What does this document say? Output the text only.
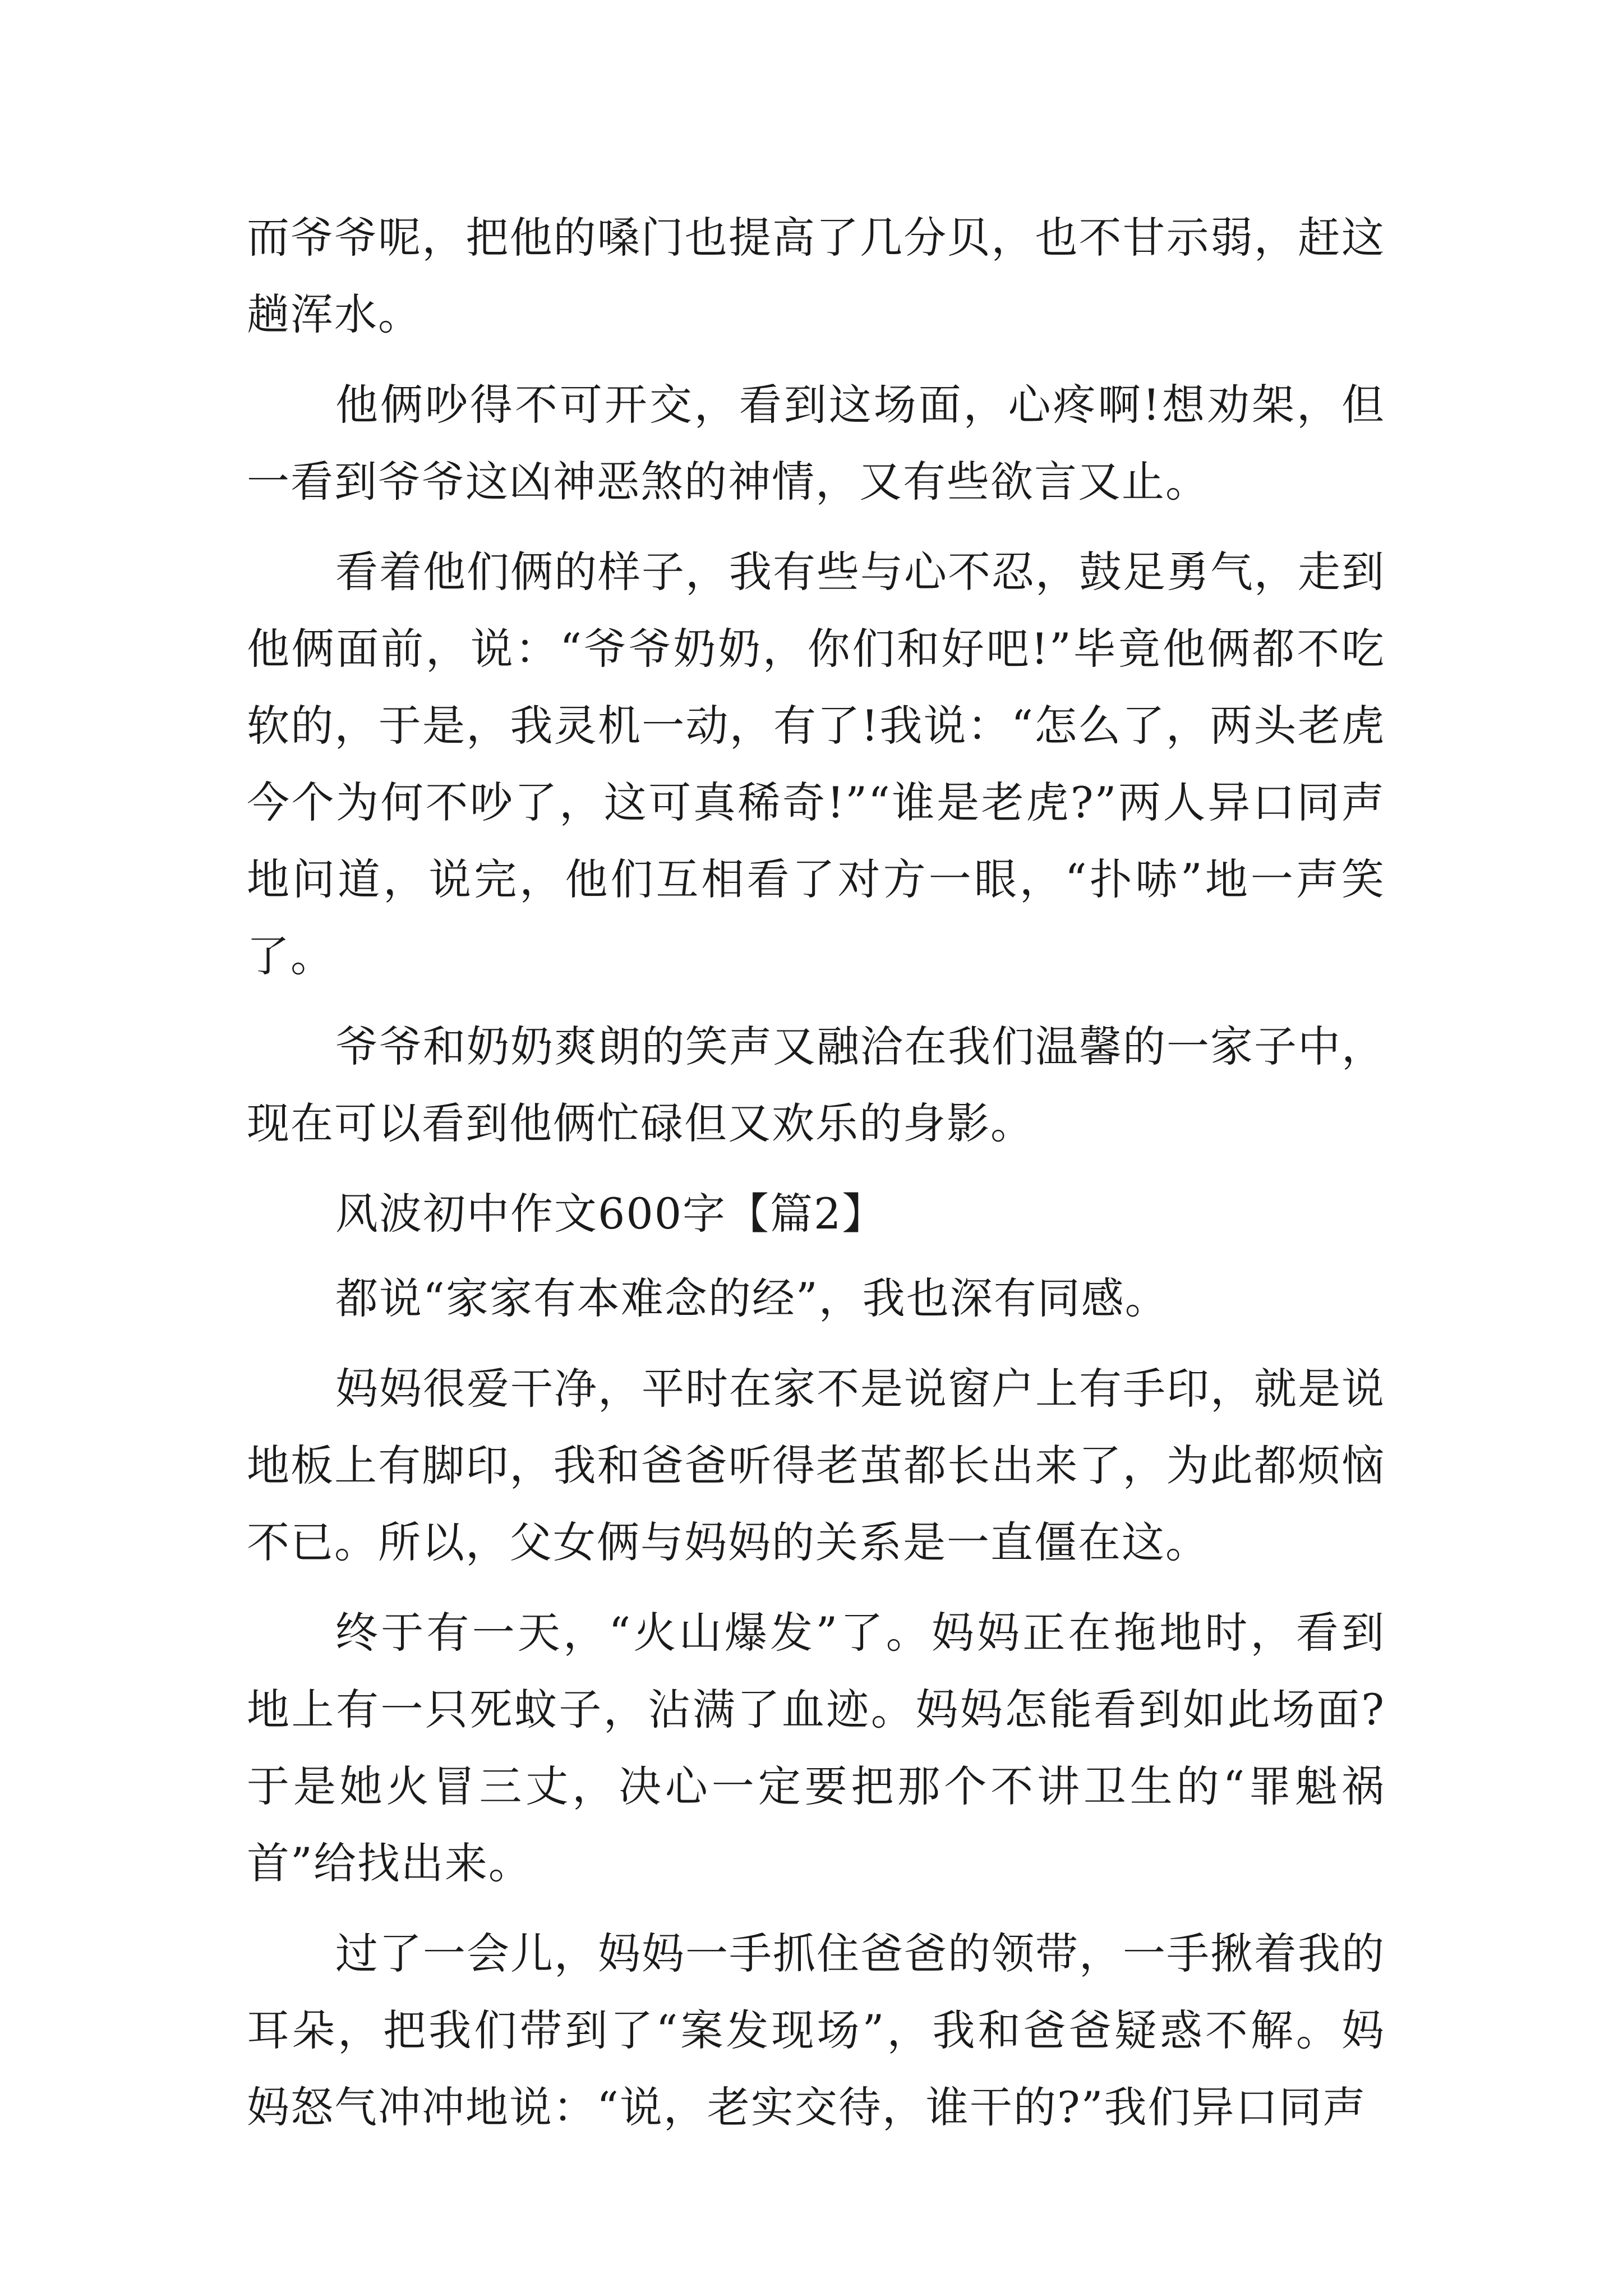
而爷爷呢，把他的嗓门也提高了几分贝，也不甘示弱，赶这趟浑水。

他俩吵得不可开交，看到这场面，心疼啊!想劝架，但一看到爷爷这凶神恶煞的神情，又有些欲言又止。

看着他们俩的样子，我有些与心不忍，鼓足勇气，走到他俩面前，说：“爷爷奶奶，你们和好吧!”毕竟他俩都不吃软的，于是，我灵机一动，有了!我说：“怎么了，两头老虎今个为何不吵了，这可真稀奇!”“谁是老虎?”两人异口同声地问道，说完，他们互相看了对方一眼，“扑哧”地一声笑了。

爷爷和奶奶爽朗的笑声又融洽在我们温馨的一家子中，现在可以看到他俩忙碌但又欢乐的身影。

风波初中作文600字【篇2】

都说“家家有本难念的经”，我也深有同感。

妈妈很爱干净，平时在家不是说窗户上有手印，就是说地板上有脚印，我和爸爸听得老茧都长出来了，为此都烦恼不已。所以，父女俩与妈妈的关系是一直僵在这。

终于有一天，“火山爆发”了。妈妈正在拖地时，看到地上有一只死蚊子，沾满了血迹。妈妈怎能看到如此场面?于是她火冒三丈，决心一定要把那个不讲卫生的“罪魁祸首”给找出来。

过了一会儿，妈妈一手抓住爸爸的领带，一手揪着我的耳朵，把我们带到了“案发现场”，我和爸爸疑惑不解。妈妈怒气冲冲地说：“说，老实交待，谁干的?”我们异口同声
